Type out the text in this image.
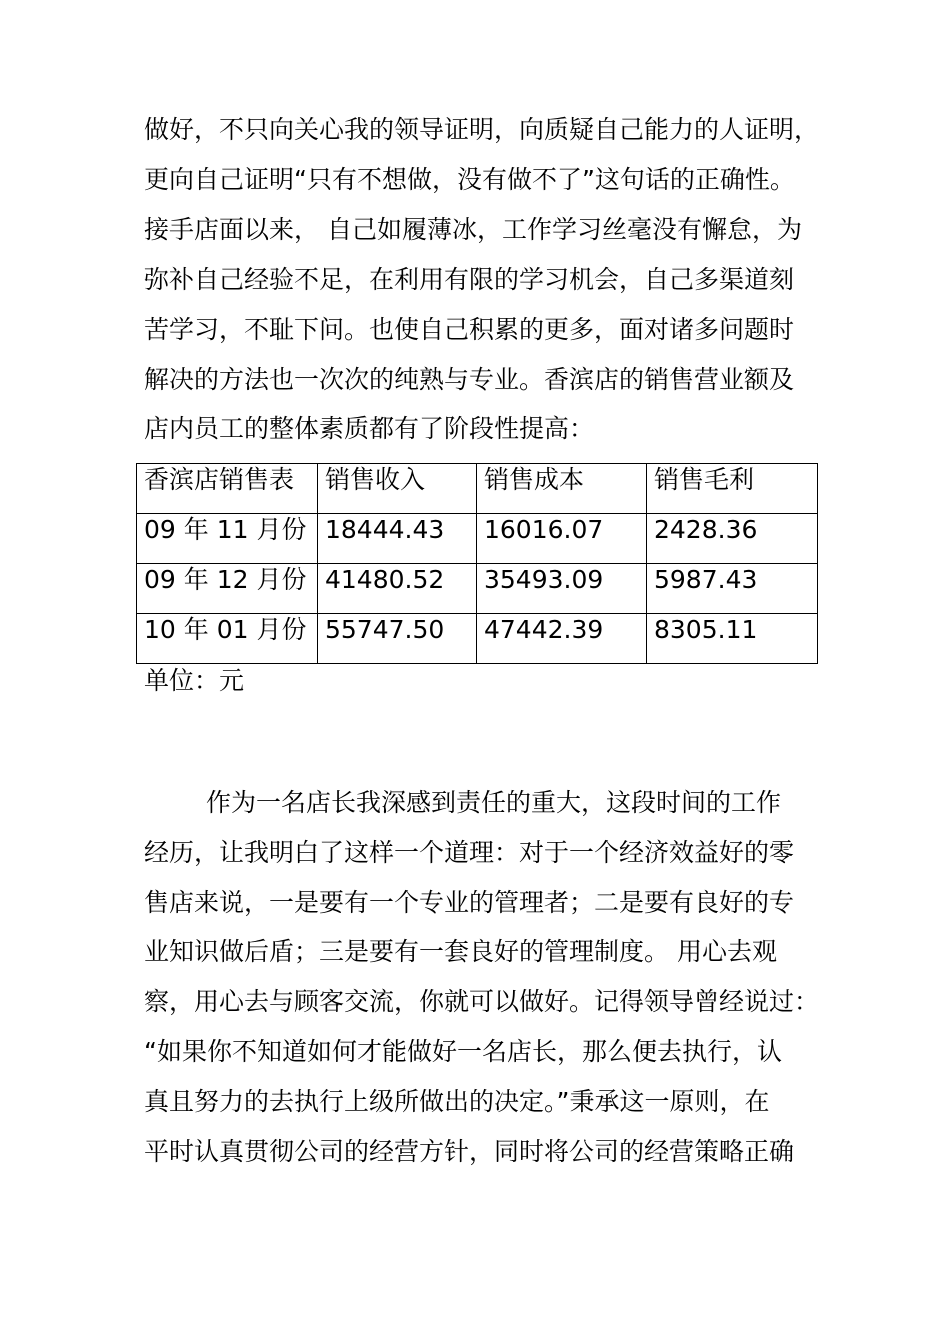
做好，不只向关心我的领导证明，向质疑自己能力的人证明，
更向自己证明“只有不想做，没有做不了”这句话的正确性。
接手店面以来， 自己如履薄冰，工作学习丝毫没有懈怠，为
弥补自己经验不足，在利用有限的学习机会，自己多渠道刻
苦学习，不耻下问。也使自己积累的更多，面对诸多问题时
解决的方法也一次次的纯熟与专业。香滨店的销售营业额及
店内员工的整体素质都有了阶段性提高：
香滨店销售表	销售收入	销售成本	销售毛利
09 年 11 月份	18444.43	16016.07	2428.36
09 年 12 月份	41480.52	35493.09	5987.43
10 年 01 月份	55747.50	47442.39	8305.11
单位：元
作为一名店长我深感到责任的重大，这段时间的工作
经历，让我明白了这样一个道理：对于一个经济效益好的零
售店来说，一是要有一个专业的管理者；二是要有良好的专
业知识做后盾；三是要有一套良好的管理制度。 用心去观
察，用心去与顾客交流，你就可以做好。记得领导曾经说过：
“如果你不知道如何才能做好一名店长，那么便去执行，认
真且努力的去执行上级所做出的决定。”秉承这一原则，在
平时认真贯彻公司的经营方针，同时将公司的经营策略正确
